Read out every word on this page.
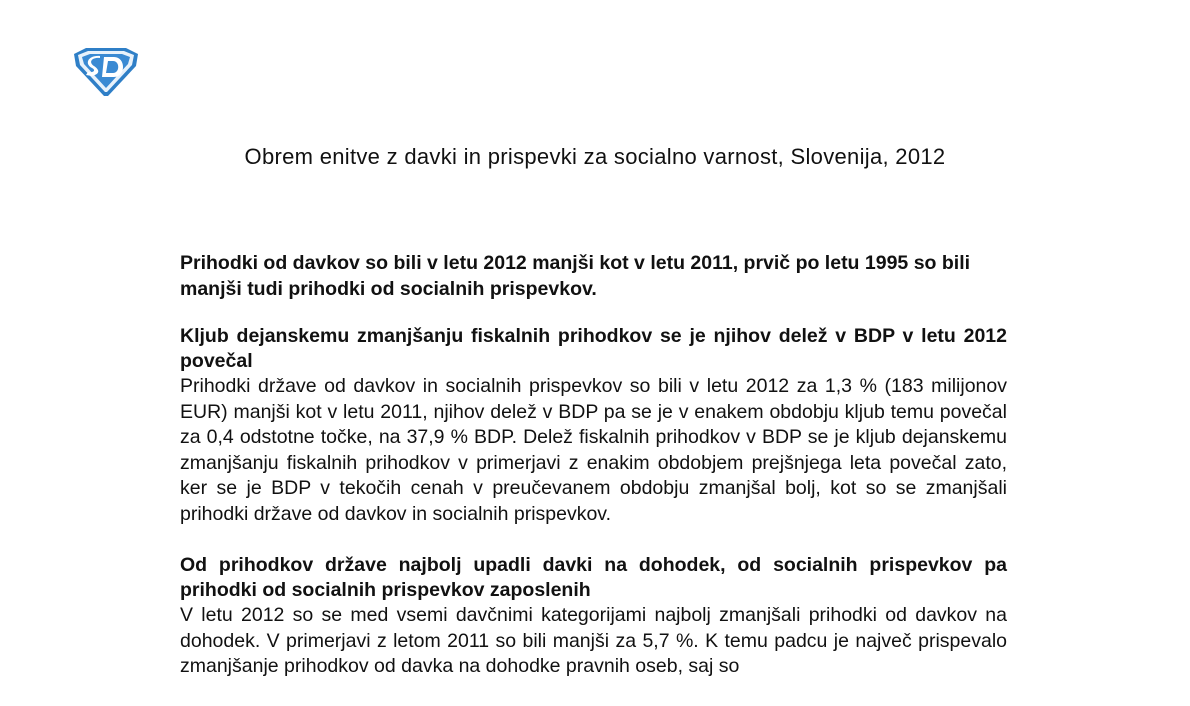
Obrem enitve z davki in prispevki za socialno varnost, Slovenija, 2012

Prihodki od davkov so bili v letu 2012 manjši kot v letu 2011, prvič po letu 1995 so bili manjši tudi prihodki od socialnih prispevkov.

Kljub dejanskemu zmanjšanju fiskalnih prihodkov se je njihov delež v BDP v letu 2012 povečal

Prihodki države od davkov in socialnih prispevkov so bili v letu 2012 za 1,3 % (183 milijonov EUR) manjši kot v letu 2011, njihov delež v BDP pa se je v enakem obdobju kljub temu povečal za 0,4 odstotne točke, na 37,9 % BDP. Delež fiskalnih prihodkov v BDP se je kljub dejanskemu zmanjšanju fiskalnih prihodkov v primerjavi z enakim obdobjem prejšnjega leta povečal zato, ker se je BDP v tekočih cenah v preučevanem obdobju zmanjšal bolj, kot so se zmanjšali prihodki države od davkov in socialnih prispevkov.

Od prihodkov države najbolj upadli davki na dohodek, od socialnih prispevkov pa prihodki od socialnih prispevkov zaposlenih

V letu 2012 so se med vsemi davčnimi kategorijami najbolj zmanjšali prihodki od davkov na dohodek. V primerjavi z letom 2011 so bili manjši za 5,7 %. K temu padcu je največ prispevalo zmanjšanje prihodkov od davka na dohodke pravnih oseb, saj so
